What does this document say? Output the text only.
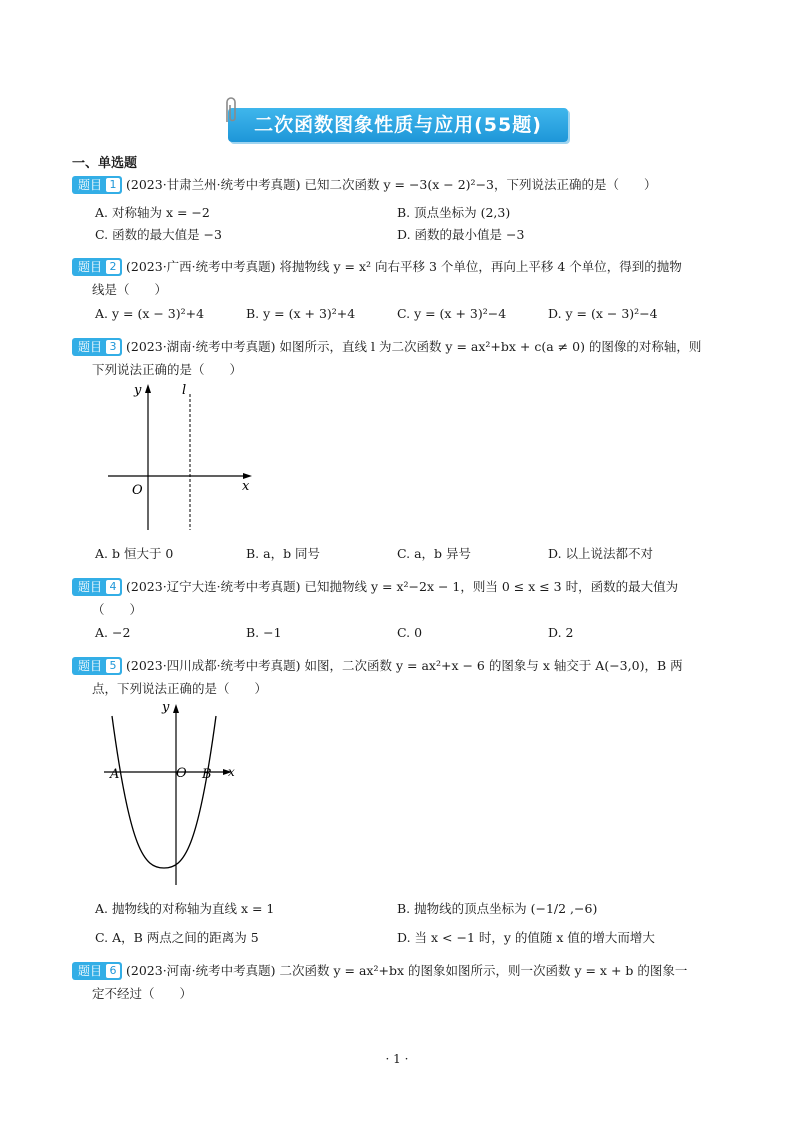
二次函数图象性质与应用(55题)
一、单选题
题目 1 (2023·甘肃兰州·统考中考真题) 已知二次函数 y = −3(x − 2)²−3，下列说法正确的是（　　）
A. 对称轴为 x = −2	B. 顶点坐标为 (2,3)
C. 函数的最大值是 −3	D. 函数的最小值是 −3
题目 2 (2023·广西·统考中考真题) 将抛物线 y = x² 向右平移 3 个单位，再向上平移 4 个单位，得到的抛物
线是（　　）
A. y = (x − 3)²+4	B. y = (x + 3)²+4	C. y = (x + 3)²−4	D. y = (x − 3)²−4
题目 3 (2023·湖南·统考中考真题) 如图所示，直线 l 为二次函数 y = ax²+bx + c(a ≠ 0) 的图像的对称轴，则
下列说法正确的是（　　）
y	l
x
O
A. b 恒大于 0	B. a，b 同号	C. a，b 异号	D. 以上说法都不对
题目 4 (2023·辽宁大连·统考中考真题) 已知抛物线 y = x²−2x − 1，则当 0 ≤ x ≤ 3 时，函数的最大值为
（　　）
A. −2	B. −1	C. 0	D. 2
题目 5 (2023·四川成都·统考中考真题) 如图，二次函数 y = ax²+x − 6 的图象与 x 轴交于 A(−3,0)，B 两
点，下列说法正确的是（　　）
y
x
O
A	B
A. 抛物线的对称轴为直线 x = 1	B. 抛物线的顶点坐标为 (−1/2 ,−6)
C. A，B 两点之间的距离为 5	D. 当 x < −1 时，y 的值随 x 值的增大而增大
题目 6 (2023·河南·统考中考真题) 二次函数 y = ax²+bx 的图象如图所示，则一次函数 y = x + b 的图象一
定不经过（　　）
· 1 ·
